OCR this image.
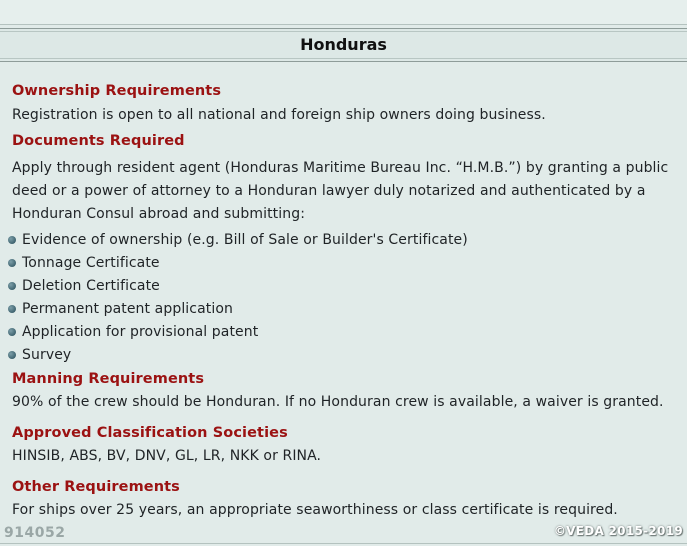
Honduras
Ownership Requirements

Registration is open to all national and foreign ship owners doing business.

Documents Required

Apply through resident agent (Honduras Maritime Bureau Inc. “H.M.B.”) by granting a public deed or a power of attorney to a Honduran lawyer duly notarized and authenticated by a Honduran Consul abroad and submitting:

Evidence of ownership (e.g. Bill of Sale or Builder's Certificate)
Tonnage Certificate
Deletion Certificate
Permanent patent application
Application for provisional patent
Survey
Manning Requirements

90% of the crew should be Honduran. If no Honduran crew is available, a waiver is granted.

Approved Classification Societies

HINSIB, ABS, BV, DNV, GL, LR, NKK or RINA.

Other Requirements

For ships over 25 years, an appropriate seaworthiness or class certificate is required.

914052	©VEDA 2015-2019
